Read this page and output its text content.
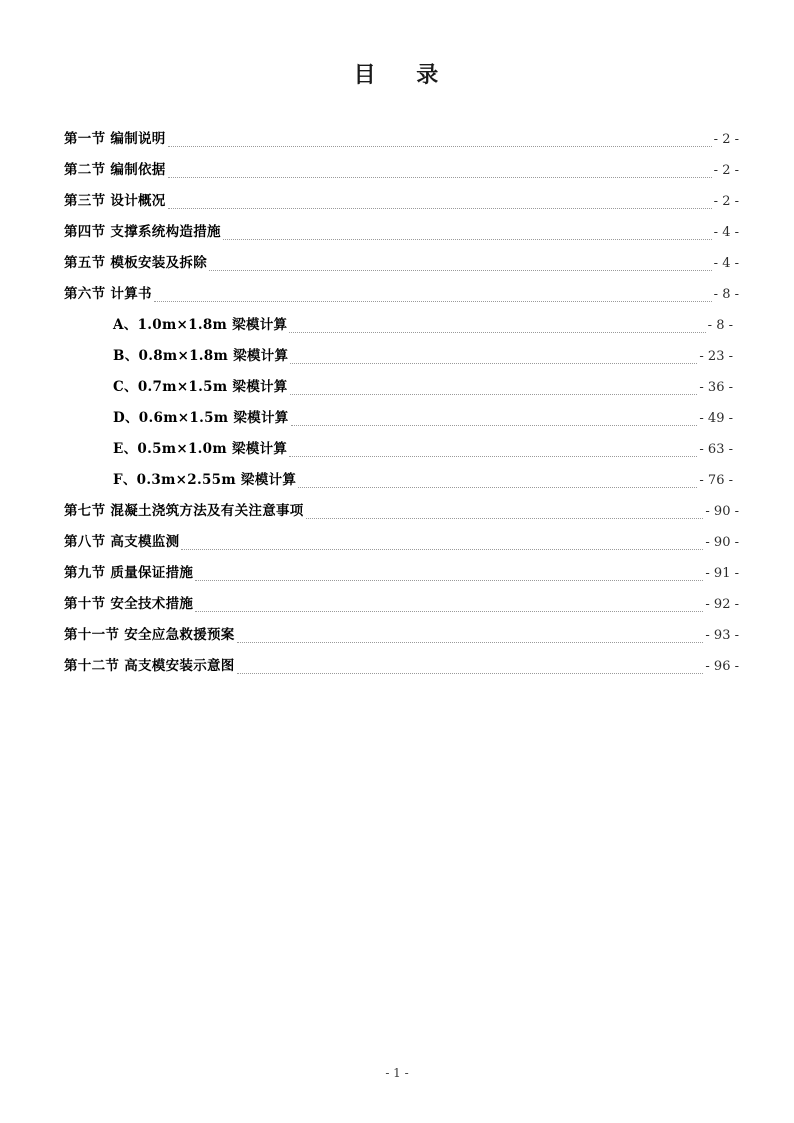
目    录
第一节 编制说明	- 2 -
第二节 编制依据	- 2 -
第三节 设计概况	- 2 -
第四节 支撑系统构造措施	- 4 -
第五节 模板安装及拆除	- 4 -
第六节 计算书	- 8 -
A、1.0m×1.8m 梁模计算	- 8 -
B、0.8m×1.8m 梁模计算	- 23 -
C、0.7m×1.5m 梁模计算	- 36 -
D、0.6m×1.5m 梁模计算	- 49 -
E、0.5m×1.0m 梁模计算	- 63 -
F、0.3m×2.55m 梁模计算	- 76 -
第七节 混凝土浇筑方法及有关注意事项	- 90 -
第八节 高支模监测	- 90 -
第九节 质量保证措施	- 91 -
第十节 安全技术措施	- 92 -
第十一节 安全应急救援预案	- 93 -
第十二节 高支模安装示意图	- 96 -
- 1 -
